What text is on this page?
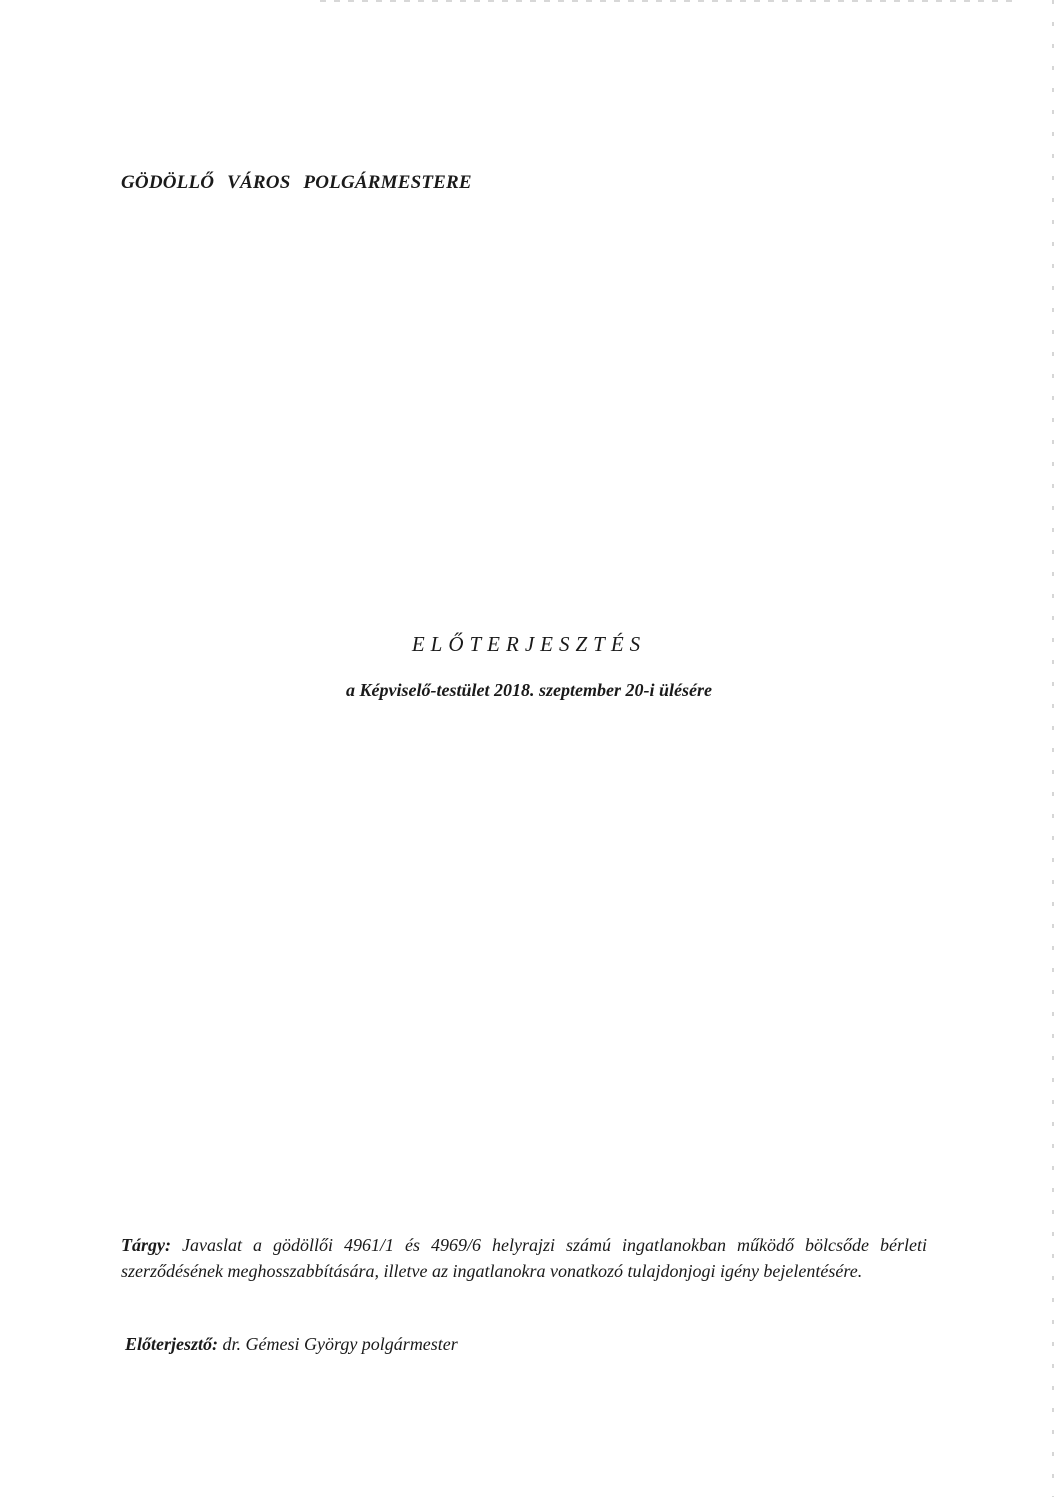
GÖDÖLLŐ VÁROS POLGÁRMESTERE
ELŐTERJESZTÉS
a Képviselő-testület 2018. szeptember 20-i ülésére
Tárgy: Javaslat a gödöllői 4961/1 és 4969/6 helyrajzi számú ingatlanokban működő bölcsőde bérleti szerződésének meghosszabbítására, illetve az ingatlanokra vonatkozó tulajdonjogi igény bejelentésére.
Előterjesztő: dr. Gémesi György polgármester
